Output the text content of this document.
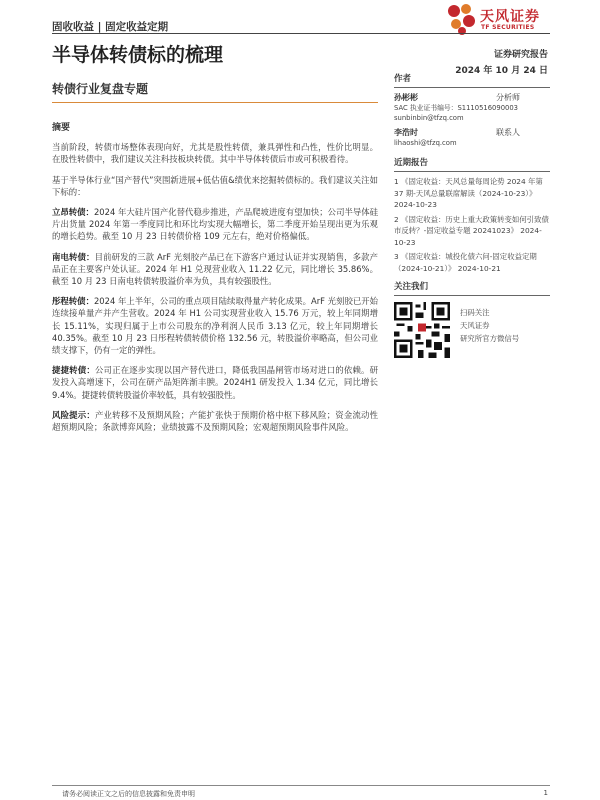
固收收益 | 固定收益定期
天风证券
TF SECURITIES
半导体转债标的梳理	证券研究报告
2024 年 10 月 24 日
转债行业复盘专题
摘要

当前阶段，转债市场整体表现向好，尤其是股性转债，兼具弹性和凸性，性价比明显。在股性转债中，我们建议关注科技板块转债。其中半导体转债后市或可积极看待。

基于半导体行业“国产替代”突围新进展+低估值&绩优来挖掘转债标的。我们建议关注如下标的：

立昂转债：2024 年大硅片国产化替代稳步推进，产品爬坡进度有望加快；公司半导体硅片出货量 2024 年第一季度同比和环比均实现大幅增长，第二季度开始呈现出更为乐观的增长趋势。截至 10 月 23 日转债价格 109 元左右，绝对价格偏低。

南电转债：目前研发的三款 ArF 光刻胶产品已在下游客户通过认证并实现销售，多款产品正在主要客户处认证。2024 年 H1 兑现营业收入 11.22 亿元，同比增长 35.86%。截至 10 月 23 日南电转债转股溢价率为负，具有较强股性。

彤程转债：2024 年上半年，公司的重点项目陆续取得量产转化成果。ArF 光刻胶已开始连续接单量产并产生营收。2024 年 H1 公司实现营业收入 15.76 万元，较上年同期增长 15.11%，实现归属于上市公司股东的净利润人民币 3.13 亿元，较上年同期增长 40.35%。截至 10 月 23 日彤程转债转债价格 132.56 元，转股溢价率略高，但公司业绩支撑下，仍有一定的弹性。

捷捷转债：公司正在逐步实现以国产替代进口，降低我国晶闸管市场对进口的依赖。研发投入高增速下，公司在研产品矩阵渐丰腴。2024H1 研发投入 1.34 亿元，同比增长 9.4%。捷捷转债转股溢价率较低，具有较强股性。

风险提示：产业转移不及预期风险；产能扩张快于预期价格中枢下移风险；资金流动性超预期风险；条款博弈风险；业绩披露不及预期风险；宏观超预期风险事件风险。

作者
孙彬彬	分析师
SAC 执业证书编号：S1110516090003
sunbinbin@tfzq.com
李浩时	联系人
lihaoshi@tfzq.com
近期报告
1 《固定收益：天风总量每周论势 2024 年第 37 期-天风总量联席解读（2024-10-23）》 2024-10-23
2 《固定收益：历史上重大政策转变如何引致债市反转？-固定收益专题 20241023》 2024-10-23
3 《固定收益：城投化债六问-固定收益定期（2024-10-21）》 2024-10-21
关注我们
扫码关注
天风证券
研究所官方微信号
请务必阅读正文之后的信息披露和免责申明	1
